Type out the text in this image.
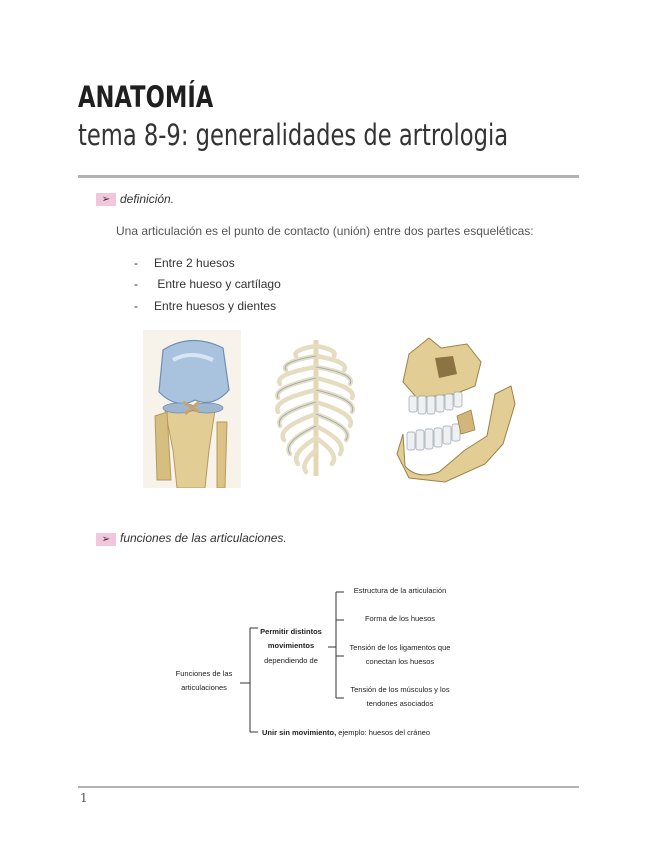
ANATOMÍA
tema 8-9: generalidades de artrologia
➢ definición.
Una articulación es el punto de contacto (unión) entre dos partes esqueléticas:
- Entre 2 huesos
- Entre hueso y cartílago
- Entre huesos y dientes
➢ funciones de las articulaciones.
Funciones de las
articulaciones
Permitir distintos
movimientos
dependiendo de
Estructura de la articulación
Forma de los huesos
Tensión de los ligamentos que
conectan los huesos
Tensión de los músculos y los
tendones asociados
Unir sin movimiento, ejemplo: huesos del cráneo
1
